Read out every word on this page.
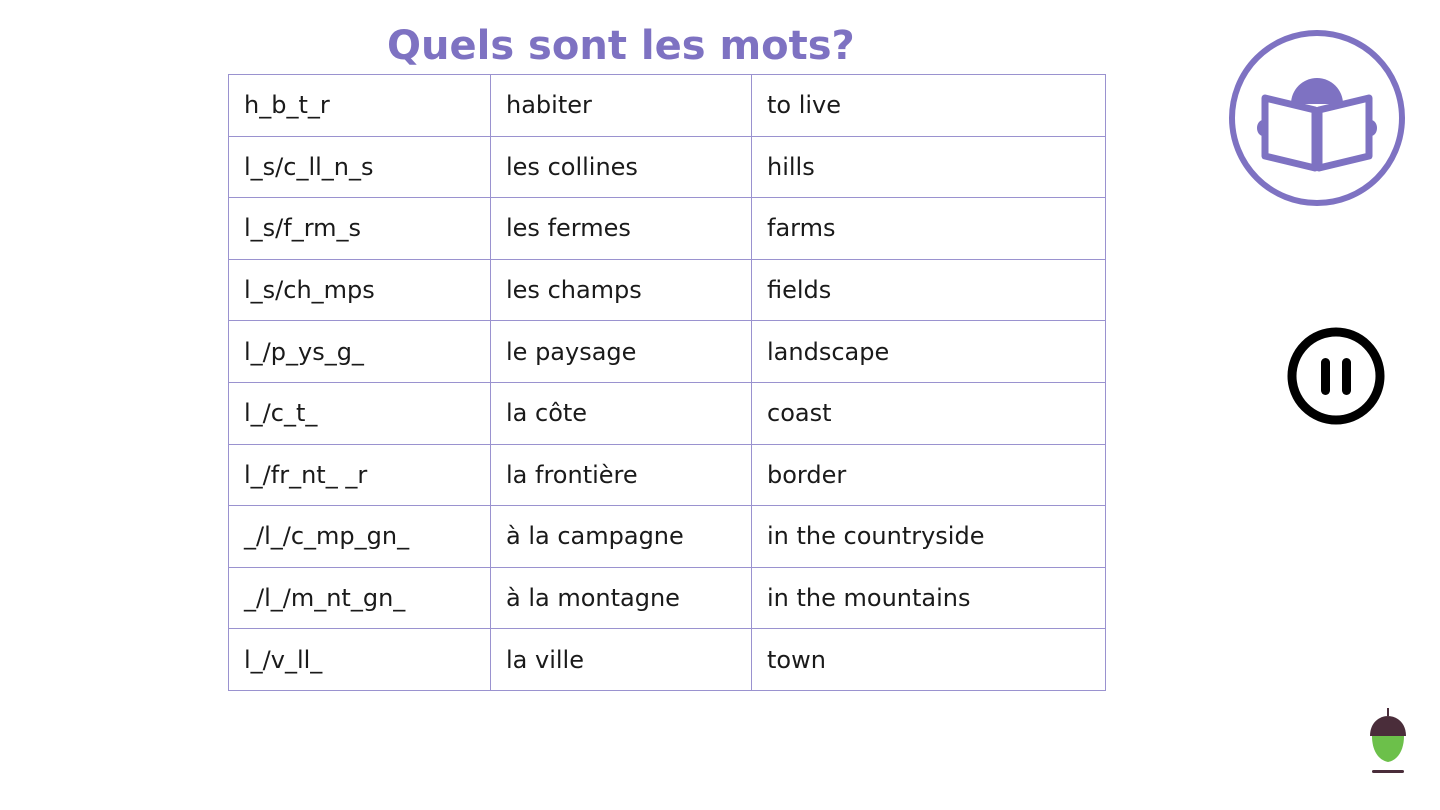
Quels sont les mots?
h_b_t_r	habiter	to live
l_s/c_ll_n_s	les collines	hills
l_s/f_rm_s	les fermes	farms
l_s/ch_mps	les champs	fields
l_/p_ys_g_	le paysage	landscape
l_/c_t_	la côte	coast
l_/fr_nt_ _r	la frontière	border
_/l_/c_mp_gn_	à la campagne	in the countryside
_/l_/m_nt_gn_	à la montagne	in the mountains
l_/v_ll_	la ville	town
